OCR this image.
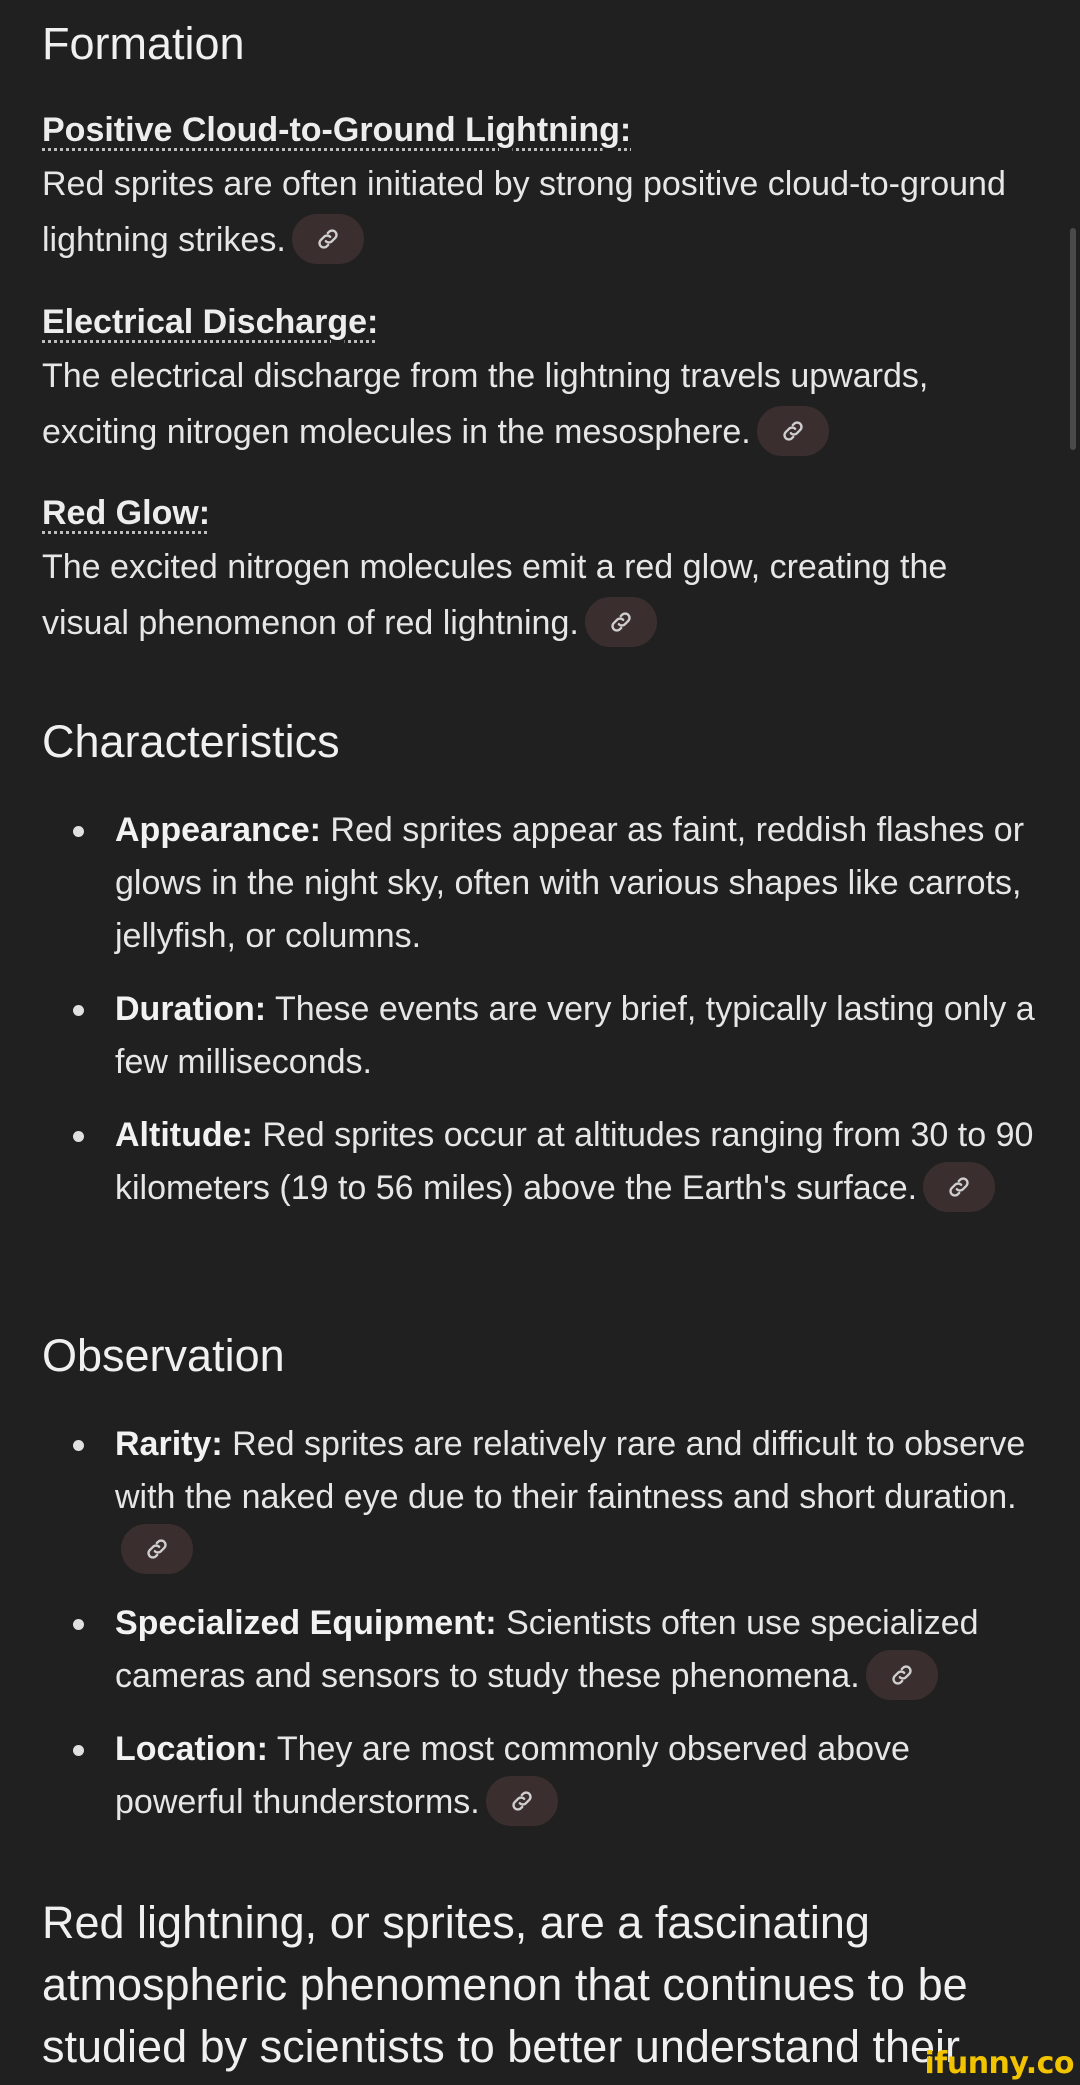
Formation
Positive Cloud-to-Ground Lightning:

Red sprites are often initiated by strong positive cloud-to-ground lightning strikes.

Electrical Discharge:

The electrical discharge from the lightning travels upwards, exciting nitrogen molecules in the mesosphere.

Red Glow:

The excited nitrogen molecules emit a red glow, creating the visual phenomenon of red lightning.

Characteristics
Appearance: Red sprites appear as faint, reddish flashes or glows in the night sky, often with various shapes like carrots, jellyfish, or columns.
Duration: These events are very brief, typically lasting only a few milliseconds.
Altitude: Red sprites occur at altitudes ranging from 30 to 90 kilometers (19 to 56 miles) above the Earth's surface.
Observation
Rarity: Red sprites are relatively rare and difficult to observe with the naked eye due to their faintness and short duration.
Specialized Equipment: Scientists often use specialized cameras and sensors to study these phenomena.
Location: They are most commonly observed above powerful thunderstorms.

Red lightning, or sprites, are a fascinating atmospheric phenomenon that continues to be studied by scientists to better understand their

ifunny.co
